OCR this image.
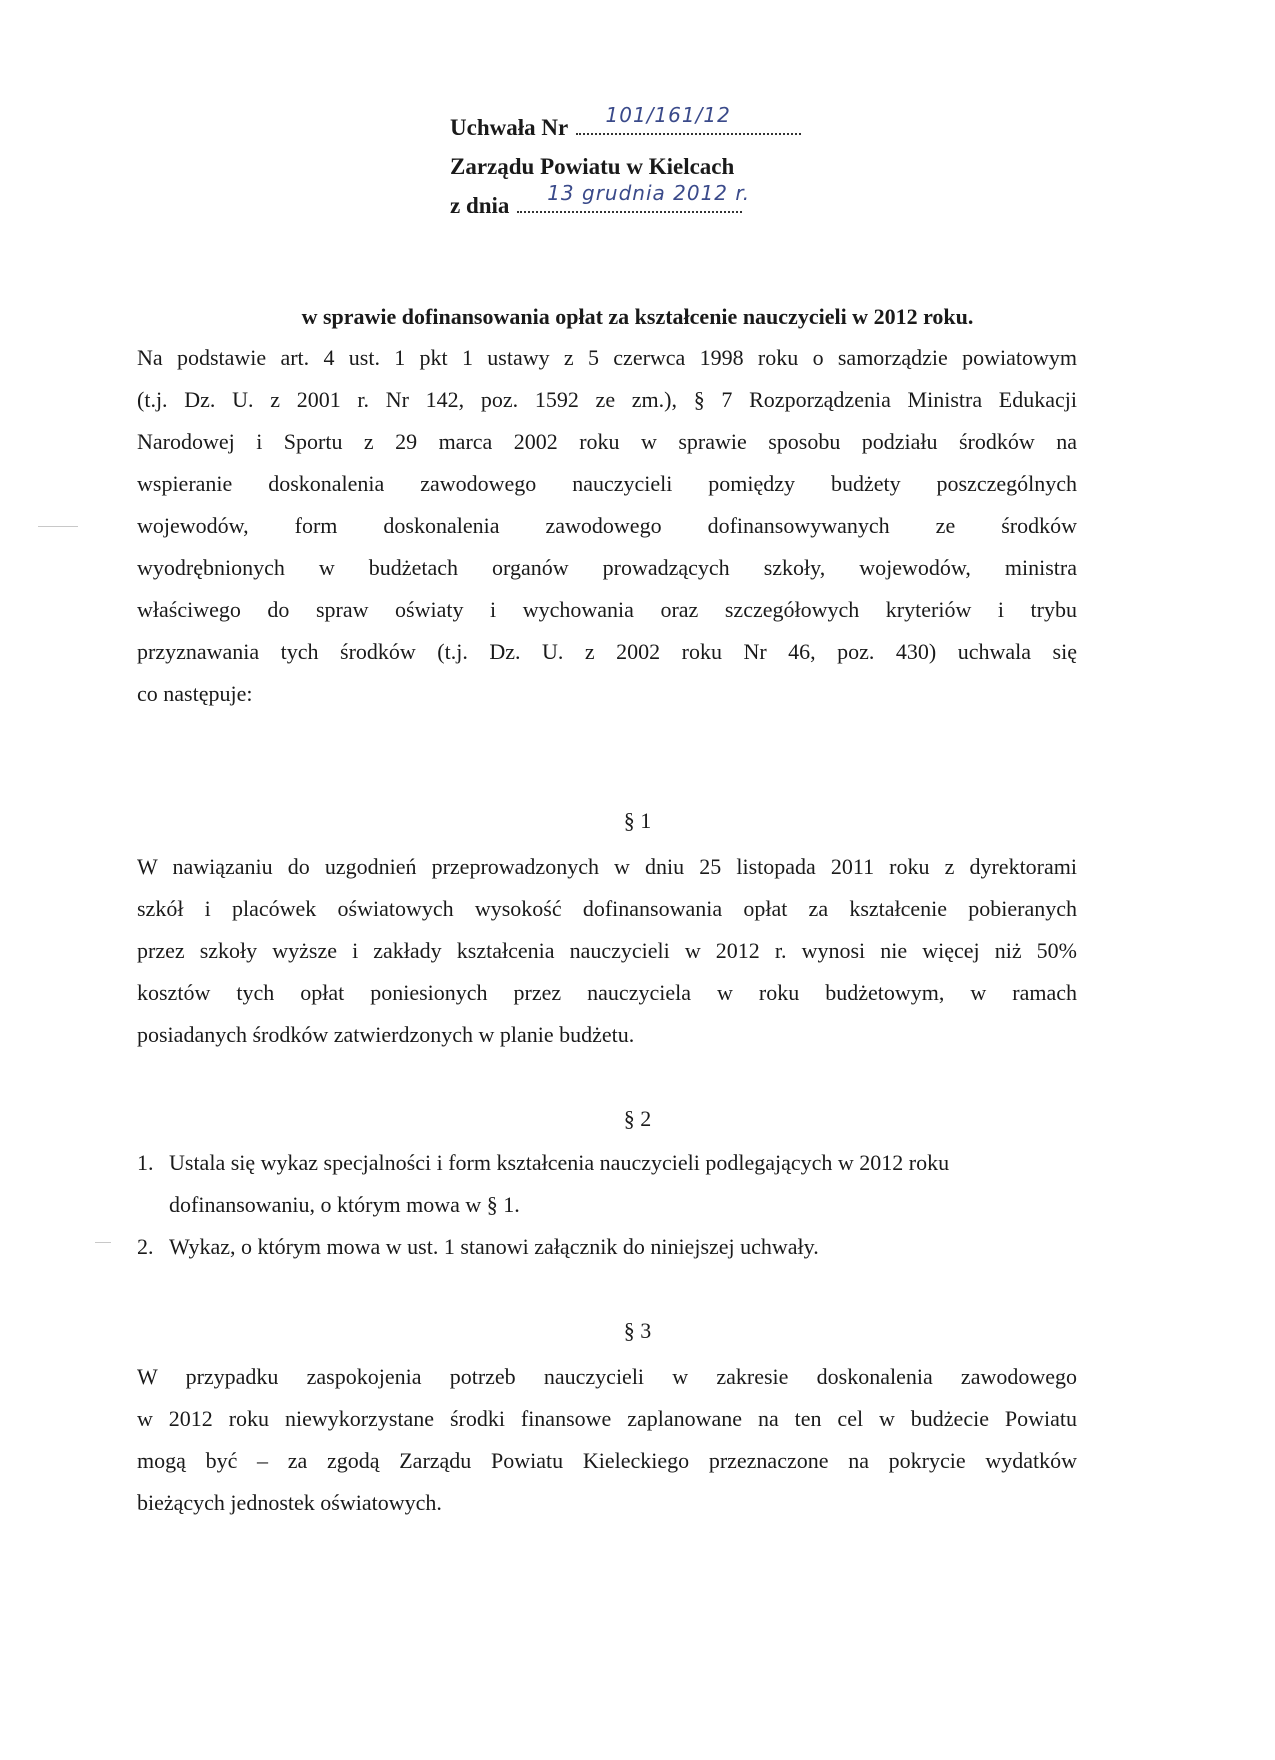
Uchwała Nr 101/161/12
Zarządu Powiatu w Kielcach
z dnia 13 grudnia 2012 r.
w sprawie dofinansowania opłat za kształcenie nauczycieli w 2012 roku.
Na podstawie art. 4 ust. 1 pkt 1 ustawy z 5 czerwca 1998 roku o samorządzie powiatowym
(t.j. Dz. U. z 2001 r. Nr 142, poz. 1592 ze zm.), § 7 Rozporządzenia Ministra Edukacji
Narodowej i Sportu z 29 marca 2002 roku w sprawie sposobu podziału środków na
wspieranie doskonalenia zawodowego nauczycieli pomiędzy budżety poszczególnych
wojewodów, form doskonalenia zawodowego dofinansowywanych ze środków
wyodrębnionych w budżetach organów prowadzących szkoły, wojewodów, ministra
właściwego do spraw oświaty i wychowania oraz szczegółowych kryteriów i trybu
przyznawania tych środków (t.j. Dz. U. z 2002 roku Nr 46, poz. 430) uchwala się
co następuje:
§ 1
W nawiązaniu do uzgodnień przeprowadzonych w dniu 25 listopada 2011 roku z dyrektorami
szkół i placówek oświatowych wysokość dofinansowania opłat za kształcenie pobieranych
przez szkoły wyższe i zakłady kształcenia nauczycieli w 2012 r. wynosi nie więcej niż 50%
kosztów tych opłat poniesionych przez nauczyciela w roku budżetowym, w ramach
posiadanych środków zatwierdzonych w planie budżetu.
§ 2
1. Ustala się wykaz specjalności i form kształcenia nauczycieli podlegających w 2012 roku
dofinansowaniu, o którym mowa w § 1.
2. Wykaz, o którym mowa w ust. 1 stanowi załącznik do niniejszej uchwały.
§ 3
W przypadku zaspokojenia potrzeb nauczycieli w zakresie doskonalenia zawodowego
w 2012 roku niewykorzystane środki finansowe zaplanowane na ten cel w budżecie Powiatu
mogą być – za zgodą Zarządu Powiatu Kieleckiego przeznaczone na pokrycie wydatków
bieżących jednostek oświatowych.
